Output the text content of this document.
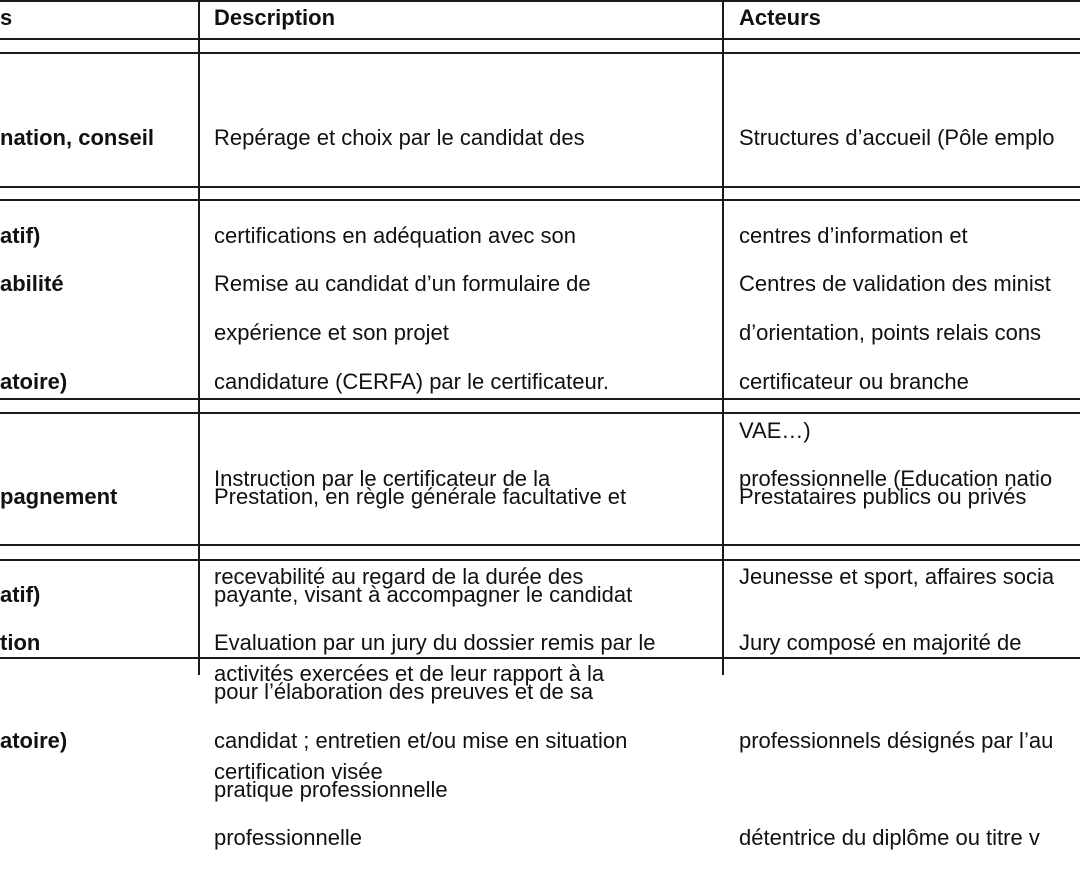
s	Description	Acteurs

nation, conseil

atif)

Repérage et choix par le candidat des

certifications en adéquation avec son

expérience et son projet

Structures d’accueil (Pôle emplo

centres d’information et

d’orientation, points relais cons

VAE…)

abilité

atoire)

Remise au candidat d’un formulaire de

candidature (CERFA) par le certificateur.

Instruction par le certificateur de la

recevabilité au regard de la durée des

activités exercées et de leur rapport à la

certification visée

Centres de validation des minist

certificateur ou branche

professionnelle (Education natio

Jeunesse et sport, affaires socia

pagnement

atif)

Prestation, en règle générale facultative et

payante, visant à accompagner le candidat

pour l’élaboration des preuves et de sa

pratique professionnelle

Prestataires publics ou privés

tion

atoire)

Evaluation par un jury du dossier remis par le

candidat ; entretien et/ou mise en situation

professionnelle

Jury composé en majorité de

professionnels désignés par l’au

détentrice du diplôme ou titre v
